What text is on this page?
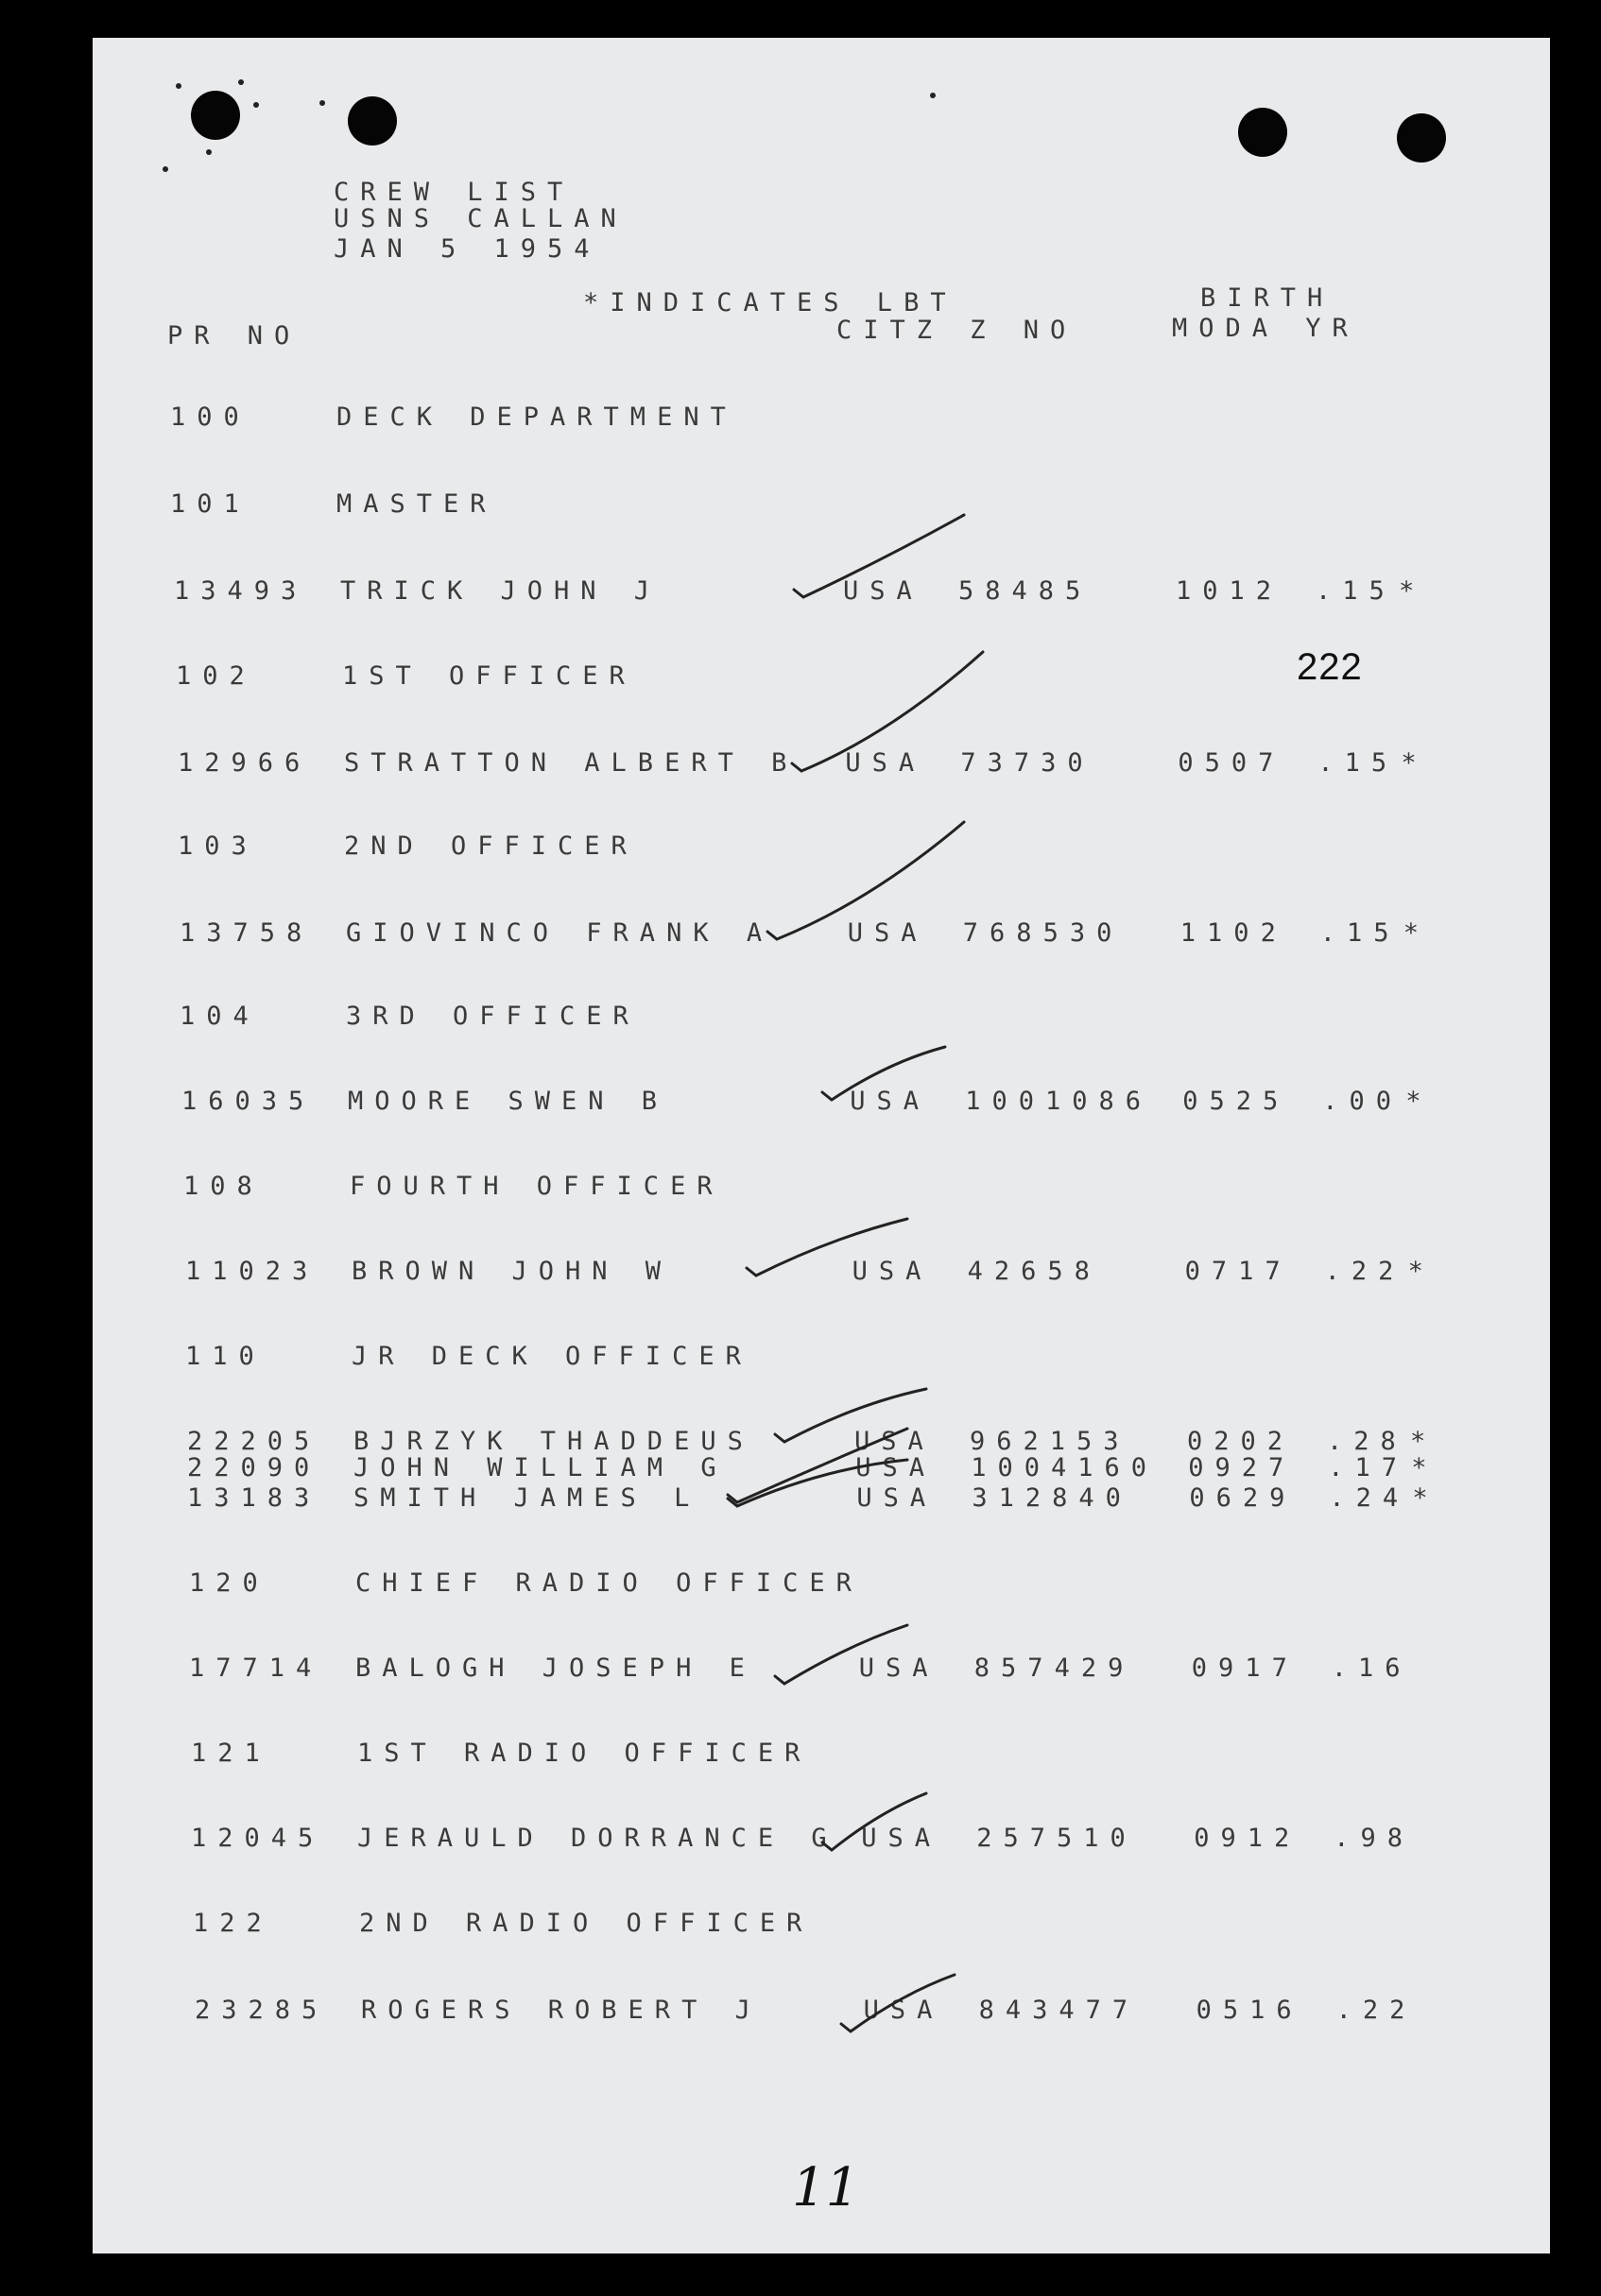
CREW LIST
USNS CALLAN
JAN 5 1954
*INDICATES LBT	BIRTH
PR NO	CITZ Z NO	MODA YR
222
100	DECK DEPARTMENT
101	MASTER
13493 TRICK JOHN J	USA 58485	1012 .15 *
102	1ST OFFICER
12966 STRATTON ALBERT B USA 73730	0507 .15 *
103	2ND OFFICER
13758 GIOVINCO FRANK A	USA 768530 1102 .15 *
104	3RD OFFICER
16035 MOORE SWEN B	USA 1001086 0525 .00 *
108	FOURTH OFFICER
11023 BROWN JOHN W	USA 42658	0717 .22 *
110	JR DECK OFFICER
22205 BJRZYK THADDEUS	USA 962153 0202 .28 *
22090 JOHN WILLIAM G	USA 1004160 0927 .17 *
13183 SMITH JAMES L	USA 312840 0629 .24 *
120	CHIEF RADIO OFFICER
17714 BALOGH JOSEPH E	USA 857429 0917 .16
121	1ST RADIO OFFICER
12045 JERAULD DORRANCE G USA 257510 0912 .98
122	2ND RADIO OFFICER
23285 ROGERS ROBERT J	USA 843477 0516 .22
11
